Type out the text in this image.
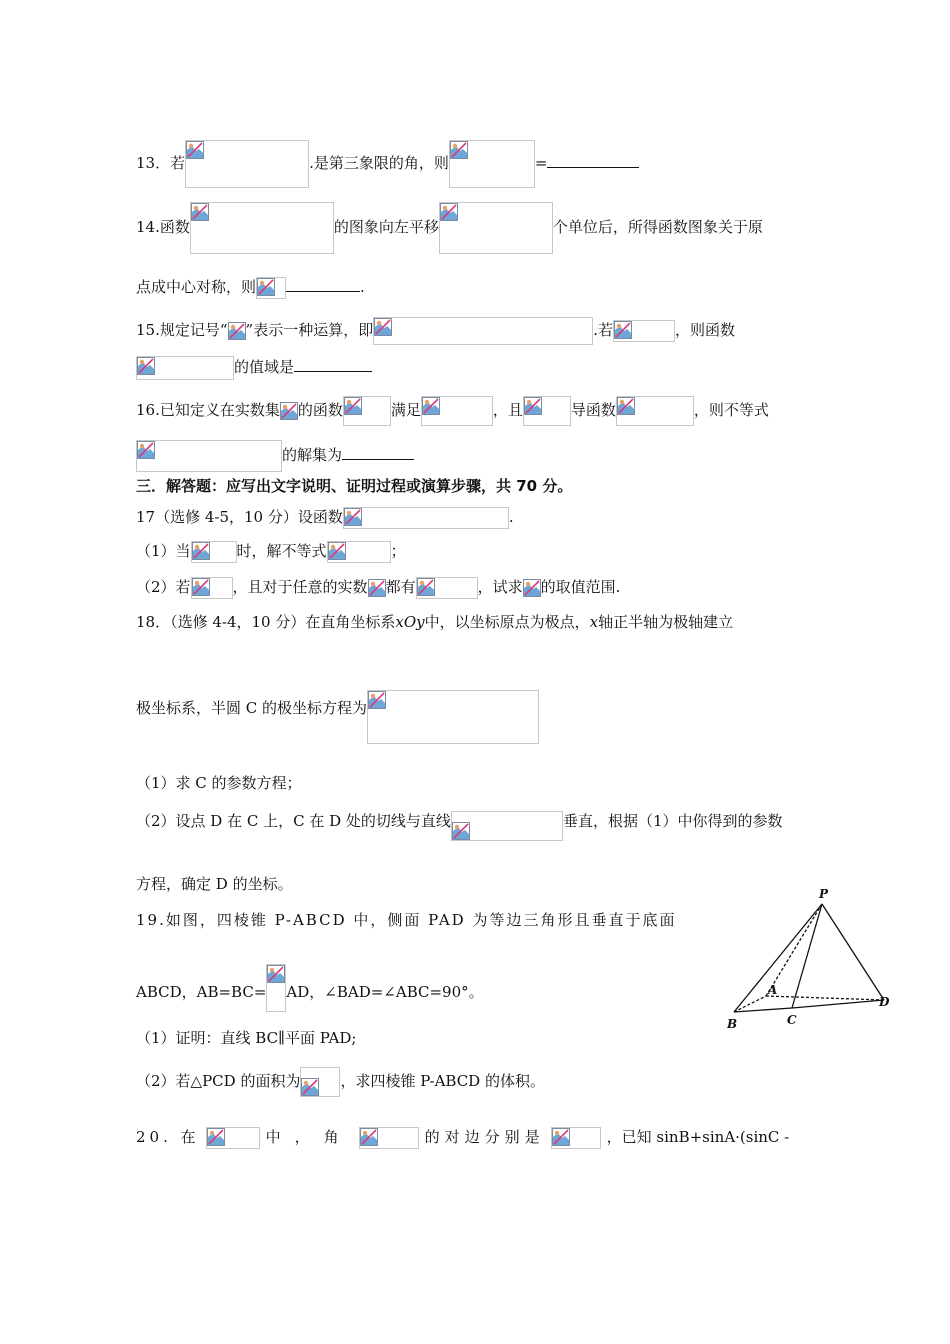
13．若	.是第三象限的角，则	=
14.函数	的图象向左平移	个单位后，所得函数图象关于原
点成中心对称，则	.
15.规定记号“ ”表示一种运算，即	.若	，则函数
的值域是
16.已知定义在实数集 的函数	满足	，且	导函数	，则不等式
的解集为
三．解答题：应写出文字说明、证明过程或演算步骤，共 70 分。
17（选修 4-5，10 分）设函数	.
（1）当	时，解不等式	；
（2）若	，且对于任意的实数 都有	，试求 的取值范围.
18．（选修 4-4，10 分）在直角坐标系xOy中，以坐标原点为极点，x轴正半轴为极轴建立
极坐标系，半圆 C 的极坐标方程为
（1）求 C 的参数方程；
（2）设点 D 在 C 上，C 在 D 处的切线与直线	垂直，根据（1）中你得到的参数
方程，确定 D 的坐标。
19.如图，四棱锥 P-ABCD 中，侧面 PAD 为等边三角形且垂直于底面
ABCD，AB=BC= AD，∠BAD=∠ABC=90°。
（1）证明：直线 BC∥平面 PAD;
（2）若△PCD 的面积为	，求四棱锥 P-ABCD 的体积。
P
A
B	C
D
20. 在	中，角	的对边分别是	，已知 sinB+sinA·(sinC -
